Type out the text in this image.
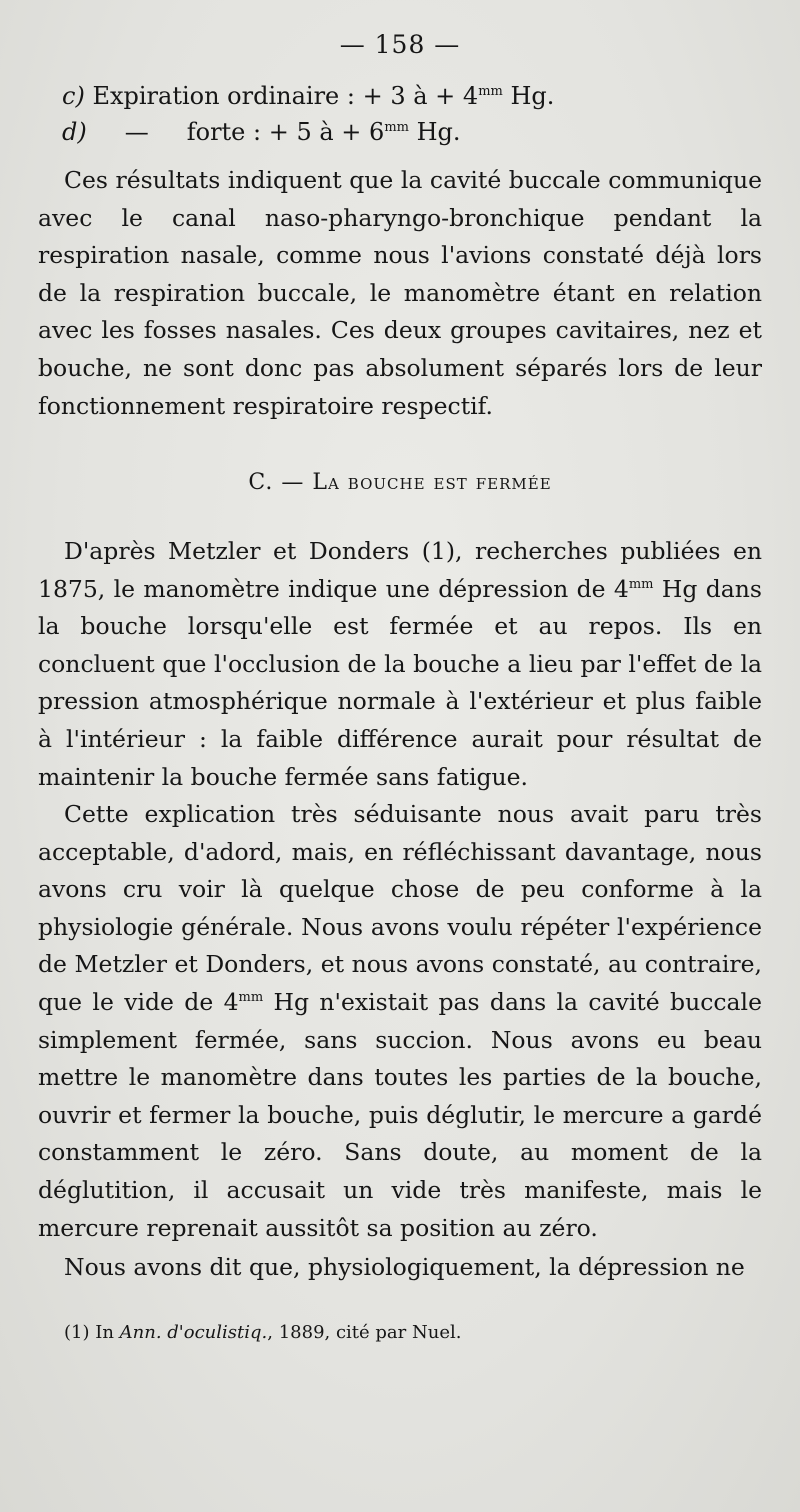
— 158 —
c) Expiration ordinaire : + 3 à + $4^{mm}$ Hg.
d) — forte : + 5 à + $6^{mm}$ Hg.

Ces résultats indiquent que la cavité buccale communique avec le canal naso-pharyngo-bronchique pendant la respiration nasale, comme nous l'avions constaté déjà lors de la respiration buccale, le manomètre étant en relation avec les fosses nasales. Ces deux groupes cavitaires, nez et bouche, ne sont donc pas absolument séparés lors de leur fonctionnement respiratoire respectif.

C. — La bouche est fermée

D'après Metzler et Donders (1), recherches publiées en 1875, le manomètre indique une dépression de $4^{mm}$ Hg dans la bouche lorsqu'elle est fermée et au repos. Ils en concluent que l'occlusion de la bouche a lieu par l'effet de la pression atmosphérique normale à l'extérieur et plus faible à l'intérieur : la faible différence aurait pour résultat de maintenir la bouche fermée sans fatigue.

Cette explication très séduisante nous avait paru très acceptable, d'adord, mais, en réfléchissant davantage, nous avons cru voir là quelque chose de peu conforme à la physiologie générale. Nous avons voulu répéter l'expérience de Metzler et Donders, et nous avons constaté, au contraire, que le vide de $4^{mm}$ Hg n'existait pas dans la cavité buccale simplement fermée, sans succion. Nous avons eu beau mettre le manomètre dans toutes les parties de la bouche, ouvrir et fermer la bouche, puis déglutir, le mercure a gardé constamment le zéro. Sans doute, au moment de la déglutition, il accusait un vide très manifeste, mais le mercure reprenait aussitôt sa position au zéro.

Nous avons dit que, physiologiquement, la dépression ne

(1) In Ann. d'oculistiq., 1889, cité par Nuel.
